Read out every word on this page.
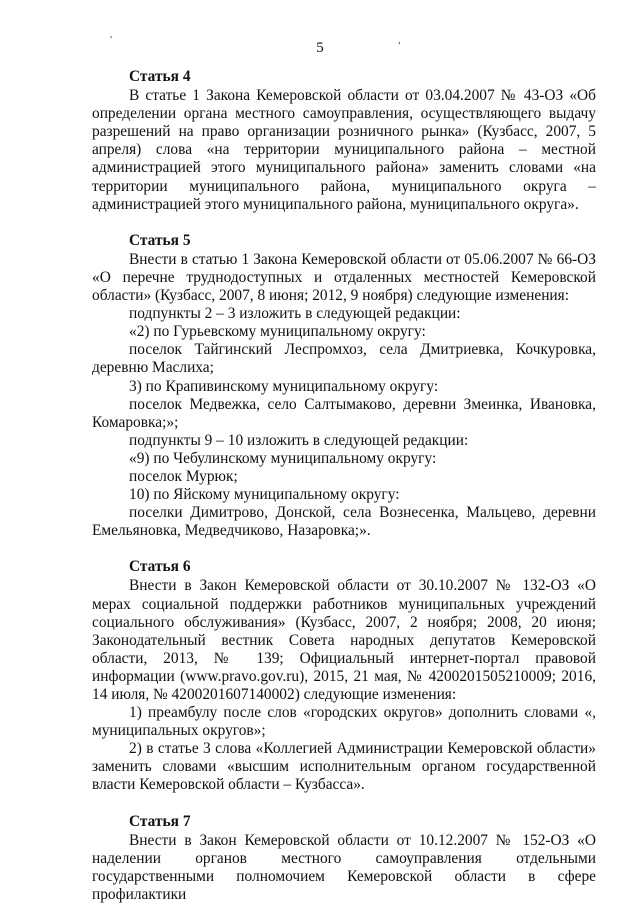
'	,
5
Статья 4

В статье 1 Закона Кемеровской области от 03.04.2007 № 43-ОЗ «Об определении органа местного самоуправления, осуществляющего выдачу разрешений на право организации розничного рынка» (Кузбасс, 2007, 5 апреля) слова «на территории муниципального района – местной администрацией этого муниципального района» заменить словами «на территории муниципального района, муниципального округа – администрацией этого муниципального района, муниципального округа».

Статья 5

Внести в статью 1 Закона Кемеровской области от 05.06.2007 № 66-ОЗ «О перечне труднодоступных и отдаленных местностей Кемеровской области» (Кузбасс, 2007, 8 июня; 2012, 9 ноября) следующие изменения:

подпункты 2 – 3 изложить в следующей редакции:

«2) по Гурьевскому муниципальному округу:

поселок Тайгинский Леспромхоз, села Дмитриевка, Кочкуровка, деревню Маслиха;

3) по Крапивинскому муниципальному округу:

поселок Медвежка, село Салтымаково, деревни Змеинка, Ивановка, Комаровка;»;

подпункты 9 – 10 изложить в следующей редакции:

«9) по Чебулинскому муниципальному округу:

поселок Мурюк;

10) по Яйскому муниципальному округу:

поселки Димитрово, Донской, села Вознесенка, Мальцево, деревни Емельяновка, Медведчиково, Назаровка;».

Статья 6

Внести в Закон Кемеровской области от 30.10.2007 № 132-ОЗ «О мерах социальной поддержки работников муниципальных учреждений социального обслуживания» (Кузбасс, 2007, 2 ноября; 2008, 20 июня; Законодательный вестник Совета народных депутатов Кемеровской области, 2013, № 139; Официальный интернет-портал правовой информации (www.pravo.gov.ru), 2015, 21 мая, № 4200201505210009; 2016, 14 июля, № 4200201607140002) следующие изменения:

1) преамбулу после слов «городских округов» дополнить словами «, муниципальных округов»;

2) в статье 3 слова «Коллегией Администрации Кемеровской области» заменить словами «высшим исполнительным органом государственной власти Кемеровской области – Кузбасса».

Статья 7

Внести в Закон Кемеровской области от 10.12.2007 № 152-ОЗ «О наделении органов местного самоуправления отдельными государственными полномочием Кемеровской области в сфере профилактики
